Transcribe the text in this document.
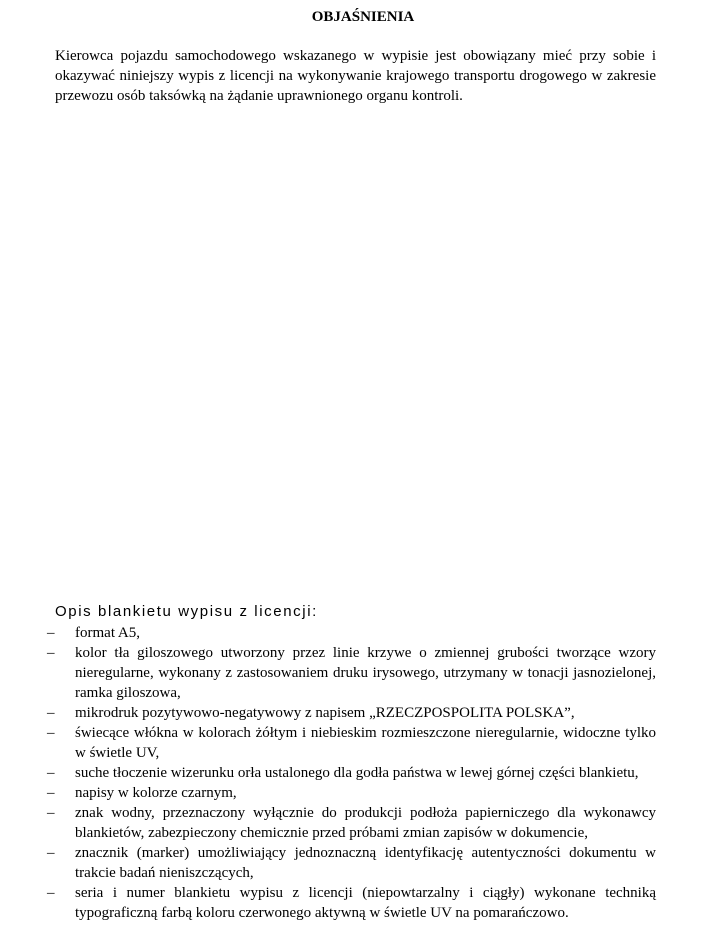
OBJAŚNIENIA

Kierowca pojazdu samochodowego wskazanego w wypisie jest obowiązany mieć przy sobie i okazywać niniejszy wypis z licencji na wykonywanie krajowego transportu drogowego w zakresie przewozu osób taksówką na żądanie uprawnionego organu kontroli.

Opis blankietu wypisu z licencji:
– format A5,
– kolor tła giloszowego utworzony przez linie krzywe o zmiennej grubości tworzące wzory nieregularne, wykonany z zastosowaniem druku irysowego, utrzymany w tonacji jasnozielonej, ramka giloszowa,
– mikrodruk pozytywowo-negatywowy z napisem „RZECZPOSPOLITA POLSKA”,
– świecące włókna w kolorach żółtym i niebieskim rozmieszczone nieregularnie, widoczne tylko w świetle UV,
– suche tłoczenie wizerunku orła ustalonego dla godła państwa w lewej górnej części blankietu,
– napisy w kolorze czarnym,
– znak wodny, przeznaczony wyłącznie do produkcji podłoża papierniczego dla wykonawcy blankietów, zabezpieczony chemicznie przed próbami zmian zapisów w dokumencie,
– znacznik (marker) umożliwiający jednoznaczną identyfikację autentyczności dokumentu w trakcie badań nieniszczących,
– seria i numer blankietu wypisu z licencji (niepowtarzalny i ciągły) wykonane techniką typograficzną farbą koloru czerwonego aktywną w świetle UV na pomarańczowo.
